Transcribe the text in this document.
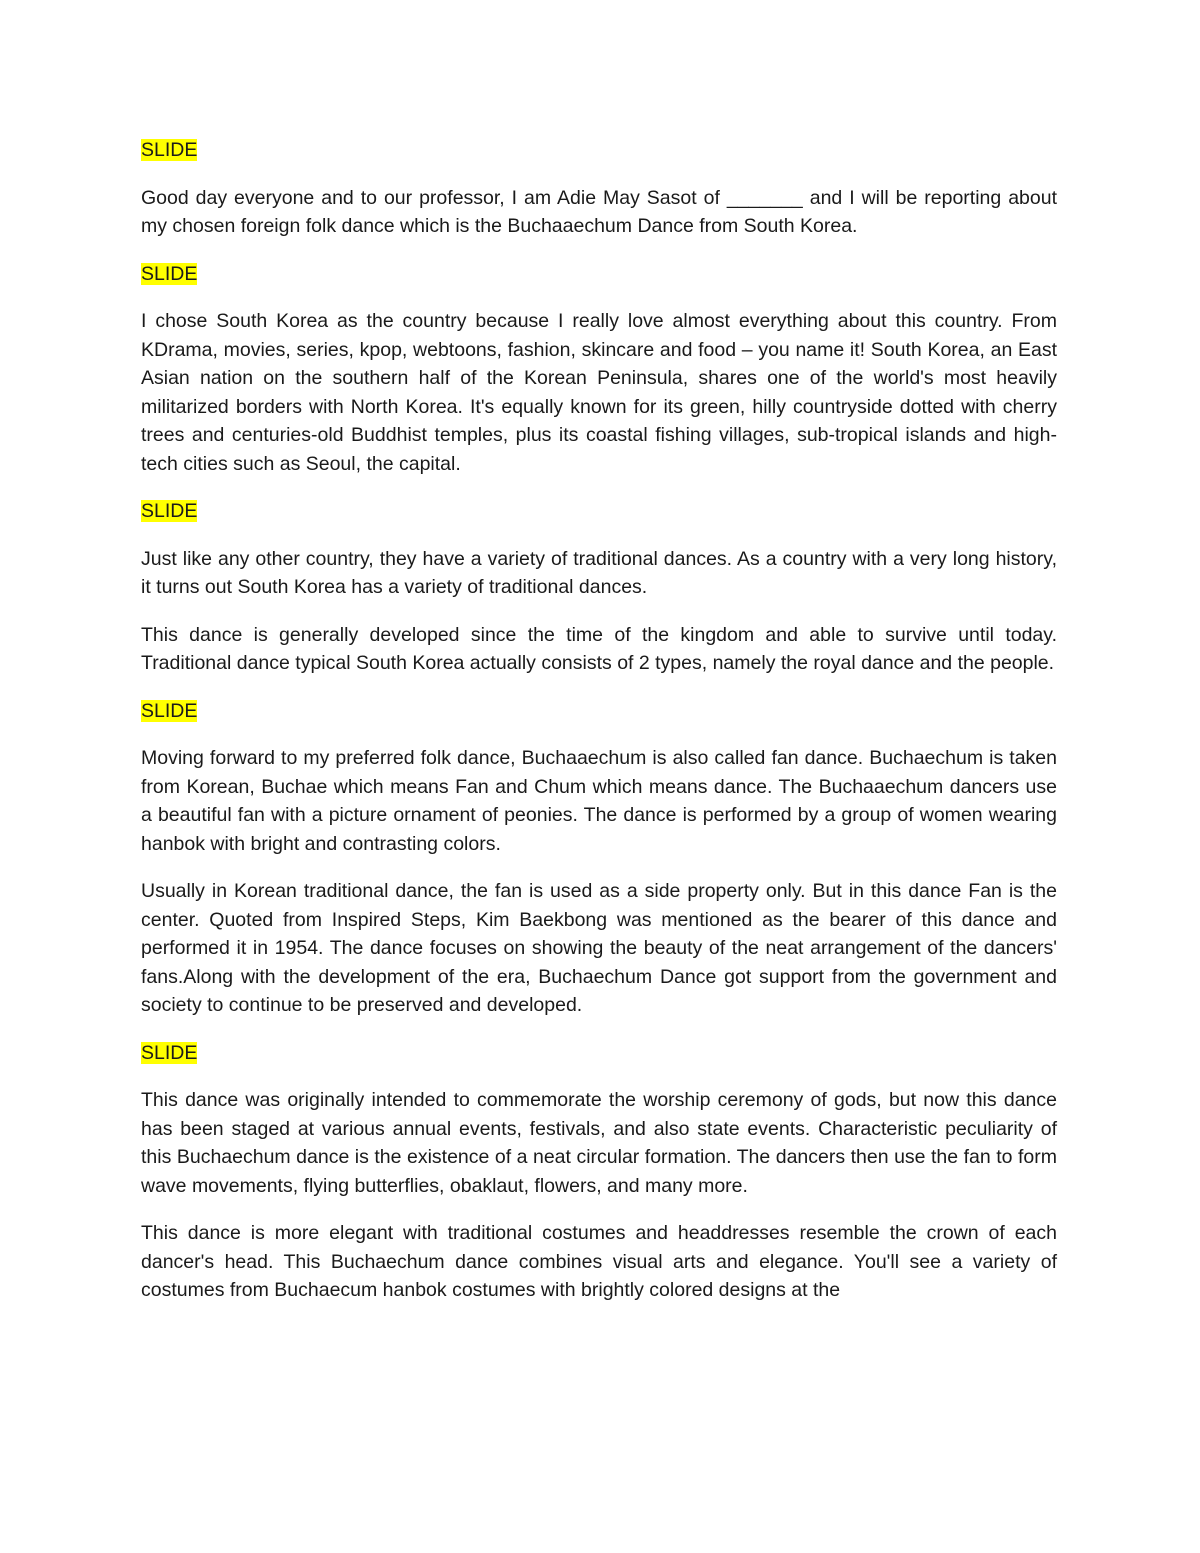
SLIDE

Good day everyone and to our professor, I am Adie May Sasot of _______ and I will be reporting about my chosen foreign folk dance which is the Buchaaechum Dance from South Korea.

SLIDE

I chose South Korea as the country because I really love almost everything about this country. From KDrama, movies, series, kpop, webtoons, fashion, skincare and food – you name it! South Korea, an East Asian nation on the southern half of the Korean Peninsula, shares one of the world's most heavily militarized borders with North Korea. It's equally known for its green, hilly countryside dotted with cherry trees and centuries-old Buddhist temples, plus its coastal fishing villages, sub-tropical islands and high-tech cities such as Seoul, the capital.

SLIDE

Just like any other country, they have a variety of traditional dances. As a country with a very long history, it turns out South Korea has a variety of traditional dances.

This dance is generally developed since the time of the kingdom and able to survive until today. Traditional dance typical South Korea actually consists of 2 types, namely the royal dance and the people.

SLIDE

Moving forward to my preferred folk dance, Buchaaechum is also called fan dance. Buchaechum is taken from Korean, Buchae which means Fan and Chum which means dance. The Buchaaechum dancers use a beautiful fan with a picture ornament of peonies. The dance is performed by a group of women wearing hanbok with bright and contrasting colors.

Usually in Korean traditional dance, the fan is used as a side property only. But in this dance Fan is the center. Quoted from Inspired Steps, Kim Baekbong was mentioned as the bearer of this dance and performed it in 1954. The dance focuses on showing the beauty of the neat arrangement of the dancers' fans.Along with the development of the era, Buchaechum Dance got support from the government and society to continue to be preserved and developed.

SLIDE

This dance was originally intended to commemorate the worship ceremony of gods, but now this dance has been staged at various annual events, festivals, and also state events. Characteristic peculiarity of this Buchaechum dance is the existence of a neat circular formation. The dancers then use the fan to form wave movements, flying butterflies, obaklaut, flowers, and many more.

This dance is more elegant with traditional costumes and headdresses resemble the crown of each dancer's head. This Buchaechum dance combines visual arts and elegance. You'll see a variety of costumes from Buchaecum hanbok costumes with brightly colored designs at the
